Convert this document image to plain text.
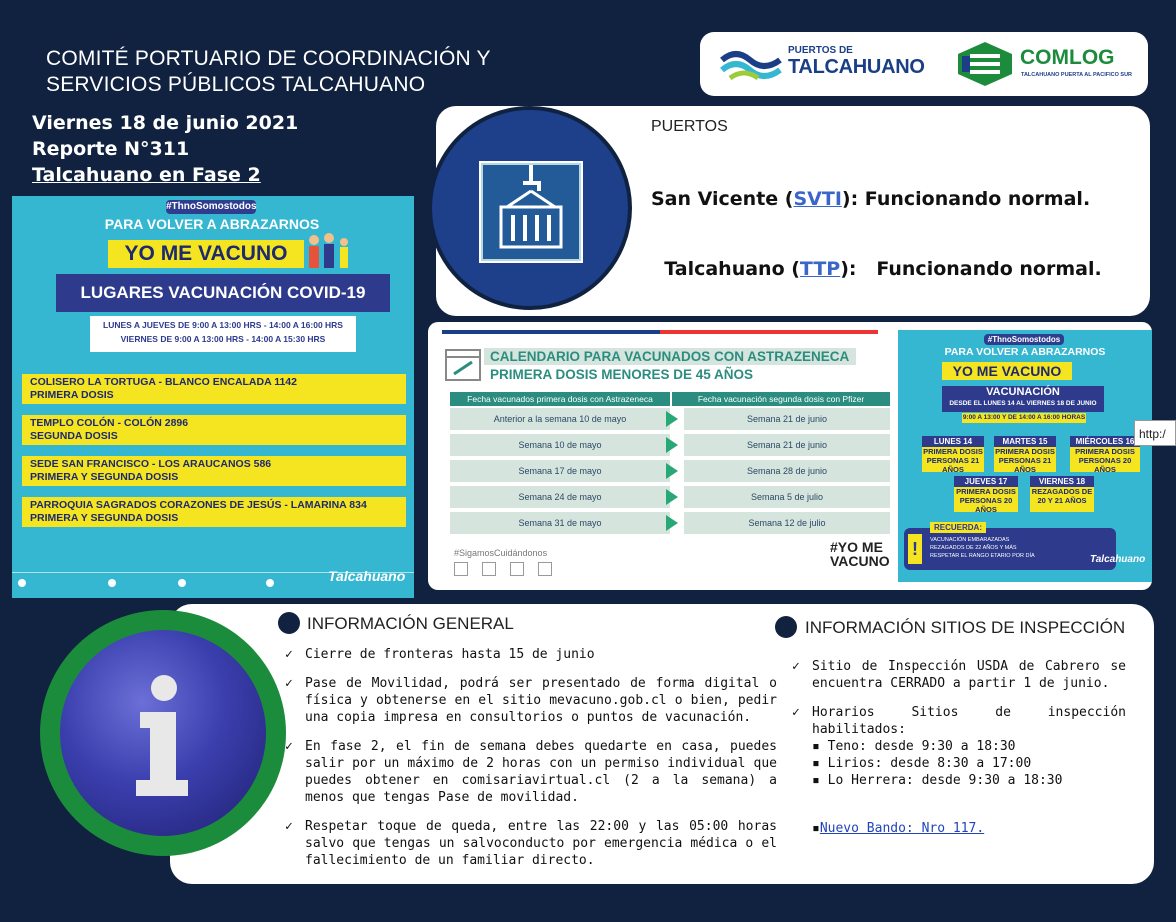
COMITÉ PORTUARIO DE COORDINACIÓN Y
SERVICIOS PÚBLICOS TALCAHUANO
PUERTOS DE
TALCAHUANO	COMLOG
TALCAHUANO PUERTA AL PACIFICO SUR
Viernes 18 de junio 2021
Reporte N°311
Talcahuano en Fase 2
#ThnoSomostodos
PARA VOLVER A ABRAZARNOS
YO ME VACUNO
LUGARES VACUNACIÓN COVID-19
LUNES A JUEVES DE 9:00 A 13:00 HRS - 14:00 A 16:00 HRS
VIERNES DE 9:00 A 13:00 HRS - 14:00 A 15:30 HRS
COLISERO LA TORTUGA - BLANCO ENCALADA 1142
PRIMERA DOSIS
TEMPLO COLÓN - COLÓN 2896
SEGUNDA DOSIS
SEDE SAN FRANCISCO - LOS ARAUCANOS 586
PRIMERA Y SEGUNDA DOSIS
PARROQUIA SAGRADOS CORAZONES DE JESÚS - LAMARINA 834
PRIMERA Y SEGUNDA DOSIS
Talcahuano
PUERTOS
San Vicente (SVTI): Funcionando normal.

Talcahuano (TTP):   Funcionando normal.

CALENDARIO PARA VACUNADOS CON ASTRAZENECA
PRIMERA DOSIS MENORES DE 45 AÑOS
Fecha vacunados primera dosis con Astrazeneca	Fecha vacunación segunda dosis con Pfizer
Anterior a la semana 10 de mayo	Semana 21 de junio
Semana 10 de mayo	Semana 21 de junio
Semana 17 de mayo	Semana 28 de junio
Semana 24 de mayo	Semana 5 de julio
Semana 31 de mayo	Semana 12 de julio
#SigamosCuidándonos	#YO ME VACUNO
#ThnoSomostodos
PARA VOLVER A ABRAZARNOS
YO ME VACUNO
VACUNACIÓN
DESDE EL LUNES 14 AL VIERNES 18 DE JUNIO
9:00 A 13:00 Y DE 14:00 A 16:00 HORAS
LUNES 14
PRIMERA DOSIS PERSONAS 21 AÑOS
MARTES 15
PRIMERA DOSIS PERSONAS 21 AÑOS
MIÉRCOLES 16
PRIMERA DOSIS PERSONAS 20 AÑOS
JUEVES 17
PRIMERA DOSIS PERSONAS 20 AÑOS
VIERNES 18
REZAGADOS DE 20 Y 21 AÑOS
!
RECUERDA:
VACUNACIÓN EMBARAZADAS
REZAGADOS DE 22 AÑOS Y MÁS
RESPETAR EL RANGO ETARIO POR DÍA	Talcahuano
http:/
INFORMACIÓN GENERAL

✓ Cierre de fronteras hasta 15 de junio

✓ Pase de Movilidad, podrá ser presentado de forma digital o física y obtenerse en el sitio mevacuno.gob.cl o bien, pedir una copia impresa en consultorios o puntos de vacunación.

✓ En fase 2, el fin de semana debes quedarte en casa, puedes salir por un máximo de 2 horas con un permiso individual que puedes obtener en comisariavirtual.cl (2 a la semana) a menos que tengas Pase de movilidad.

✓ Respetar toque de queda, entre las 22:00 y las 05:00 horas salvo que tengas un salvoconducto por emergencia médica o el fallecimiento de un familiar directo.

INFORMACIÓN SITIOS DE INSPECCIÓN

✓ Sitio de Inspección USDA de Cabrero se encuentra CERRADO a partir 1 de junio.

✓ Horarios Sitios de inspección habilitados:

▪ Teno: desde 9:30 a 18:30
▪ Lirios: desde 8:30 a 17:00
▪ Lo Herrera: desde 9:30 a 18:30
▪Nuevo Bando: Nro 117.
